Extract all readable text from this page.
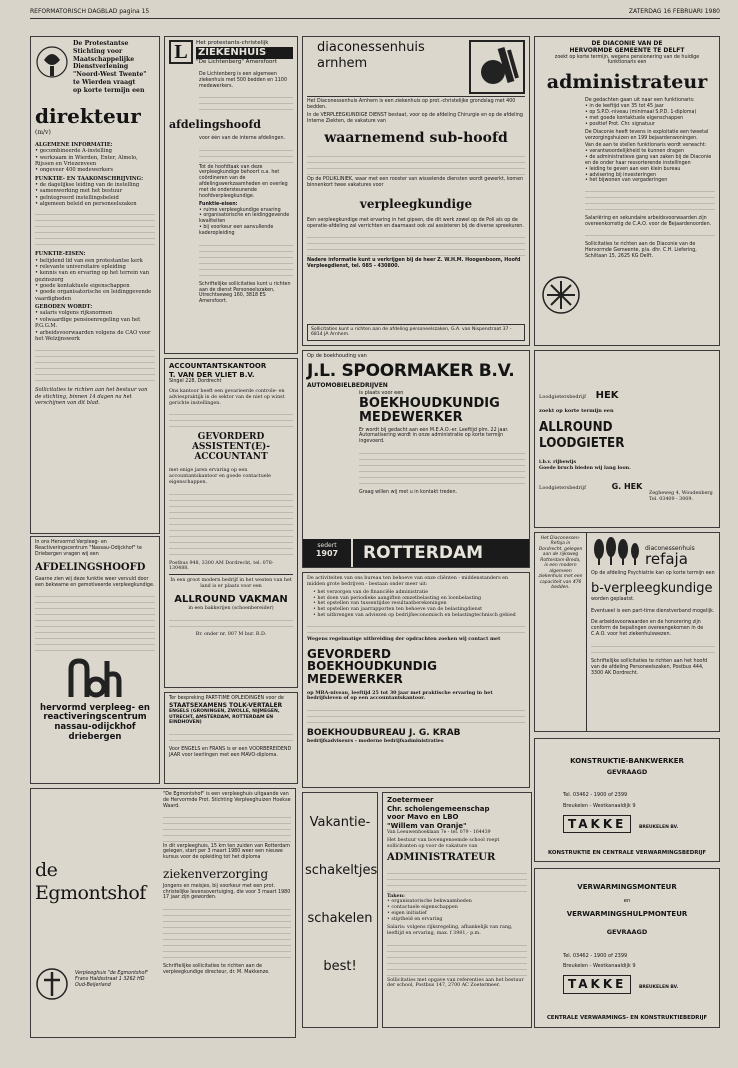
REFORMATORISCH DAGBLAD pagina 15	ZATERDAG 16 FEBRUARI 1980
De Protestantse
Stichting voor
Maatschappelijke
Dienstverlening
"Noord-West Twente"
te Wierden vraagt
op korte termijn een
direkteur
(m/v)
ALGEMENE INFORMATIE:
• gecombineerde A-instelling
• werkzaam in Wierden, Enter, Almelo, Rijssen en Vriezenveen
• ongeveer 400 medewerkers
FUNKTIE- EN TAAKOMSCHRIJVING:
• de dagelijkse leiding van de instelling
• samenwerking met het bestuur
• geïntegreerd instellingsbeleid
• algemeen beleid en personeelszaken
FUNKTIE-EISEN:
• belijdend lid van een protestantse kerk
• relevante universitaire opleiding
• kennis van en ervaring op het terrein van gezinszorg
• goede kontaktuele eigenschappen
• goede organisatorische en leidinggevende vaardigheden
GEBODEN WORDT:
• salaris volgens rijksnormen
• volwaardige pensioenregeling van het P.G.G.M.
• arbeidsvoorwaarden volgens de CAO voor het Welzijnswerk
Sollicitaties te richten aan het bestuur van de stichting, binnen 14 dagen na het verschijnen van dit blad.
In ons Hervormd Verpleeg- en Reactiveringscentrum "Nassau-Odijckhof" te Driebergen vragen wij een
AFDELINGSHOOFD
Gaarne zien wij deze funktie weer vervuld door een bekwame en gemotiveerde verpleegkundige.
hervormd verpleeg- en
reactiveringscentrum
nassau-odijckhof
driebergen
de Egmontshof
Verpleeghuis "de Egmontshof" Frans Haldsstraat 1 3262 HD Oud-Beijerland
"De Egmontshof" is een verpleeghuis uitgaande van de Hervormde Prot. Stichting Verpleeghuizen Hoekse Waard.
In dit verpleeghuis, 15 km ten zuiden van Rotterdam gelegen, start per 3 maart 1980 weer een nieuwe kursus voor de opleiding tot het diploma
ziekenverzorging
Jongens en meisjes, bij voorkeur met een prot. christelijke levensovertuiging, die voor 3 maart 1980 17 jaar zijn geworden.
Schriftelijke sollicitaties te richten aan de verpleegkundige directeur, dr. M. Makkenze.
L	Het protestants-christelijk
ZIEKENHUIS
"De Lichtenberg" Amersfoort
De Lichtenberg is een algemeen ziekenhuis met 500 bedden en 1100 medewerkers.
afdelingshoofd
voor één van de interne afdelingen.
Tot de hoofdtaak van deze verpleegkundige behoort o.a. het coördineren van de afdelingswerkzaamheden en overleg met de ondersteunende hoofdverpleegkundige.
Funktie-eisen:
• ruime verpleegkundige ervaring
• organisatorische en leidinggevende kwaliteiten
• bij voorkeur een aanvullende kaderopleiding
Schriftelijke sollicitaties kunt u richten aan de dienst Personeelszaken, Utrechtseweg 160, 3818 ES Amersfoort.
ACCOUNTANTSKANTOOR
T. VAN DER VLIET B.V.
Singel 228, Dordrecht
Ons kantoor heeft een gevarieerde controle- en adviespraktijk in de sektor van de niet op winst gerichte instellingen.
GEVORDERD ASSISTENT(E)-ACCOUNTANT
met enige jaren ervaring op een accountantskantoor en goede contactuele eigenschappen.
Postbus 948, 3300 AM Dordrecht, tel. 078-130488.
In een groot modern bedrijf in het westen van het land is er plaats voor een
ALLROUND VAKMAN
in een bakkerijen (schoenbereider)
Br. onder nr. 007 M bur. R.D.
Ter bespreking PART-TIME OPLEIDINGEN voor de
STAATSEXAMENS TOLK-VERTALER
ENGELS (GRONINGEN, ZWOLLE, NIJMEGEN, UTRECHT, AMSTERDAM, ROTTERDAM EN EINDHOVEN)
Voor ENGELS en FRANS is er een VOORBEREIDEND JAAR voor leerlingen met een MAVO-diploma.
diaconessenhuis
arnhem
Het Diaconessenhuis Arnhem is een ziekenhuis op prot.-christelijke grondslag met 400 bedden.
In de VERPLEEGKUNDIGE DIENST bestaat, voor op de afdeling Chirurgie en op de afdeling Interne Ziekten, de vakature van
waarnemend sub-hoofd
Op de POLIKLINIEK, waar met een rooster van wisselende diensten wordt gewerkt, komen binnenkort twee vakatures voor
verpleegkundige
Een verpleegkundige met ervaring in het gipsen, die dit werk zowel op de Poli als op de operatie-afdeling zal verrichten en daarnaast ook zal assisteren bij de diverse spreekuren.
Nadere informatie kunt u verkrijgen bij de heer Z. W.H.M. Hoogenboom, Hoofd Verpleegdienst, tel. 085 - 430800.
Sollicitaties kunt u richten aan de afdeling personeelszaken, G.A. van Nispenstraat 37 - 6814 JA Arnhem.
Op de boekhouding van
J.L. SPOORMAKER B.V.
AUTOMOBIELBEDRIJVEN
is plaats voor een
BOEKHOUDKUNDIG MEDEWERKER
Er wordt bij gedacht aan een M.E.A.O.-er. Leeftijd plm. 22 jaar. Automatisering wordt in onze administratie op korte termijn ingevoerd.
Graag willen wij met u in kontakt treden.
sedert
1907	ROTTERDAM
De activiteiten van ons bureau ten behoeve van onze cliënten - middenstanders en midden grote bedrijven - bestaan onder meer uit:
• het verzorgen van de financiële administratie
• het doen van periodieke aangiften omzetbelasting en loonbelasting
• het opstellen van tussentijdse resultaatberekeningen
• het opstellen van jaarrapporten ten behoeve van de belastingdienst
• het uitbrengen van adviezen op bedrijfseconomisch en belastingtechnisch gebied
Wegens regelmatige uitbreiding der opdrachten zoeken wij contact met
GEVORDERD BOEKHOUDKUNDIG MEDEWERKER
op MBA-niveau, leeftijd 25 tot 30 jaar met praktische ervaring in het bedrijfsleven of op een accountantskantoor.
BOEKHOUDBUREAU J. G. KRAB
bedrijfsadviseurs - moderne bedrijfsadministraties
Vakantie-
schakeltjes
schakelen
best!
Zoetermeer
Chr. scholengemeenschap
voor Mavo en LBO
"Willem van Oranje"
Van Leeuwenhoeklaan 7e - tel. 079 - 164439
Het bestuur van bovengenoemde school roept sollicitanten op voor de vakature van
ADMINISTRATEUR
Taken:
• organisatorische bekwaamheden
• contactuele eigenschappen
• eigen initiatief
• stiptheid en ervaring
Salaris: volgens rijksregeling, afhankelijk van rang, leeftijd en ervaring, max. f 3981,- p.m.
Sollicitaties met opgave van referenties aan het bestuur der school, Postbus 147, 2700 AC Zoetermeer.
DE DIACONIE VAN DE
HERVORMDE GEMEENTE TE DELFT
zoekt op korte termijn, wegens pensionering van de huidige funktionaris een
administrateur
De gedachten gaan uit naar een funktionaris:
• in de leeftijd van 35 tot 45 jaar
• op S.P.D.-niveau (minimaal S.P.D. 1-diploma)
• met goede kontaktuele eigenschappen
• positief Prot. Chr. signatuur
De Diaconie heeft tevens in exploitatie een tweetal verzorgingshuizen en 199 bejaardenwoningen.
Van de aan te stellen funktionaris wordt verwacht:
• verantwoordelijkheid te kunnen dragen
• de administratieve gang van zaken bij de Diaconie en de onder haar ressorterende instellingen
• leiding te geven aan een klein bureau
• advisering bij investeringen
• het bijwonen van vergaderingen
Salariëring en sekundaire arbeidsvoorwaarden zijn overeenkomstig de C.A.O. voor de Bejaardenoorden.
Sollicitaties te richten aan de Diaconie van de Hervormde Gemeente, p/a. dhr. C.H. Liefering, Schiltaan 15, 2625 KG Delft.
Loodgietersbedrijf HEK
zoekt op korte termijn een
ALLROUND LOODGIETER
i.b.v. rijbewijs
Goede bruch bieden wij lang loon.
Loodgietersbedrijf	G. HEK
Zegheweg 4, Woudenberg
Tel. 03409 - 3009.
Het Diaconessen-Refaja in Dordrecht, gelegen aan de rijksweg Rotterdam-Breda, is een modern algemeen ziekenhuis met een capaciteit van 476 bedden.
diaconessenhuis
refaja
Op de afdeling Psychiatrie kan op korte termijn een
b-verpleegkundige
worden geplaatst.
Eventueel is een part-time dienstverband mogelijk.
De arbeidsvoorwaarden en de honorering zijn conform de bepalingen overeengekomen in de C.A.O. voor het ziekenhuiswezen.
Schriftelijke sollicitaties te richten aan het hoofd van de afdeling Personeelszaken, Postbus 444, 3300 AK Dordrecht.
KONSTRUKTIE-BANKWERKER
GEVRAAGD
Tel. 03462 - 1900 of 2399
Breukelen - Westkanaaldijk 9
TAKKE	BREUKELEN BV.
KONSTRUKTIE EN CENTRALE VERWARMINGSBEDRIJF
VERWARMINGSMONTEUR
en
VERWARMINGSHULPMONTEUR
GEVRAAGD
Tel. 03462 - 1900 of 2399
Breukelen - Westkanaaldijk 9
TAKKE	BREUKELEN BV.
CENTRALE VERWARMINGS- EN KONSTRUKTIEBEDRIJF
